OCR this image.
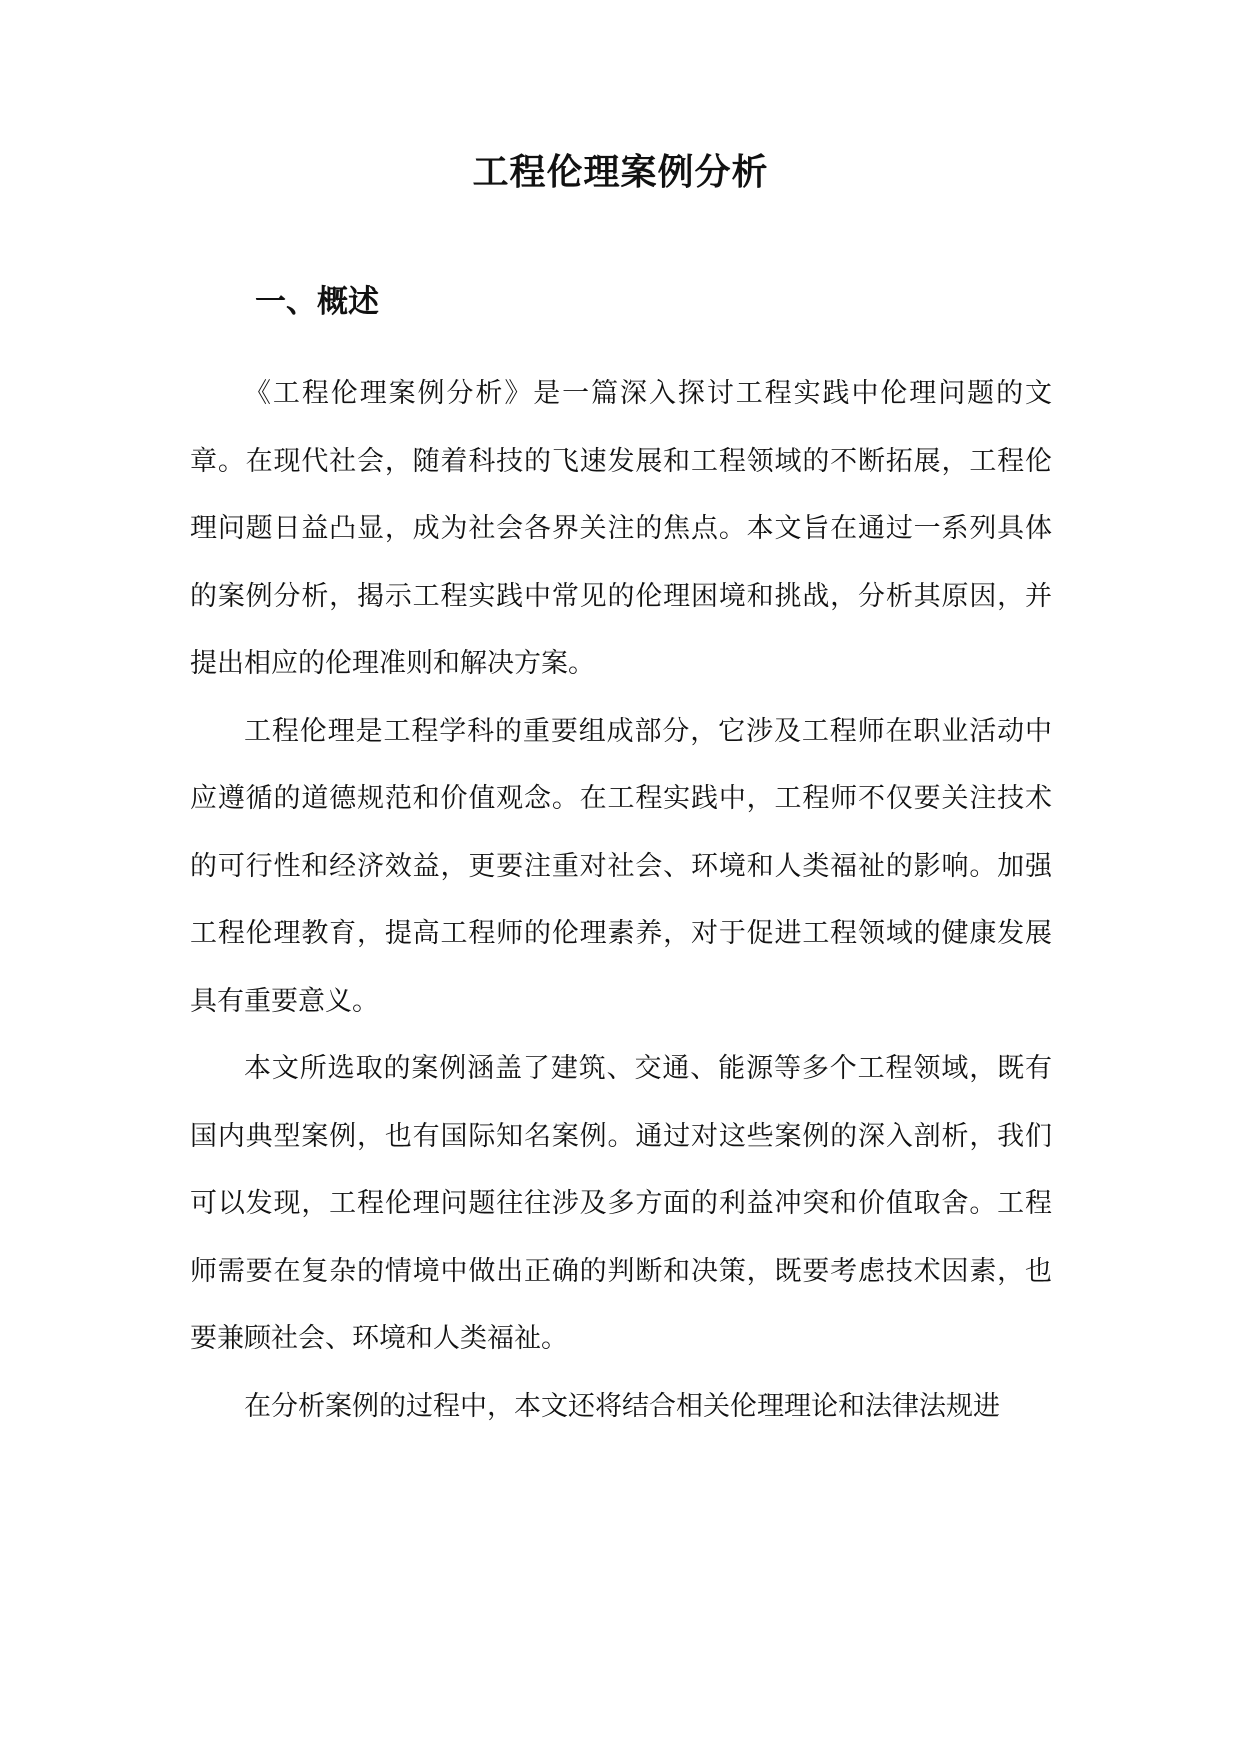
工程伦理案例分析
一、概述

《工程伦理案例分析》是一篇深入探讨工程实践中伦理问题的文章。在现代社会，随着科技的飞速发展和工程领域的不断拓展，工程伦理问题日益凸显，成为社会各界关注的焦点。本文旨在通过一系列具体的案例分析，揭示工程实践中常见的伦理困境和挑战，分析其原因，并提出相应的伦理准则和解决方案。

工程伦理是工程学科的重要组成部分，它涉及工程师在职业活动中应遵循的道德规范和价值观念。在工程实践中，工程师不仅要关注技术的可行性和经济效益，更要注重对社会、环境和人类福祉的影响。加强工程伦理教育，提高工程师的伦理素养，对于促进工程领域的健康发展具有重要意义。

本文所选取的案例涵盖了建筑、交通、能源等多个工程领域，既有国内典型案例，也有国际知名案例。通过对这些案例的深入剖析，我们可以发现，工程伦理问题往往涉及多方面的利益冲突和价值取舍。工程师需要在复杂的情境中做出正确的判断和决策，既要考虑技术因素，也要兼顾社会、环境和人类福祉。

在分析案例的过程中，本文还将结合相关伦理理论和法律法规进
